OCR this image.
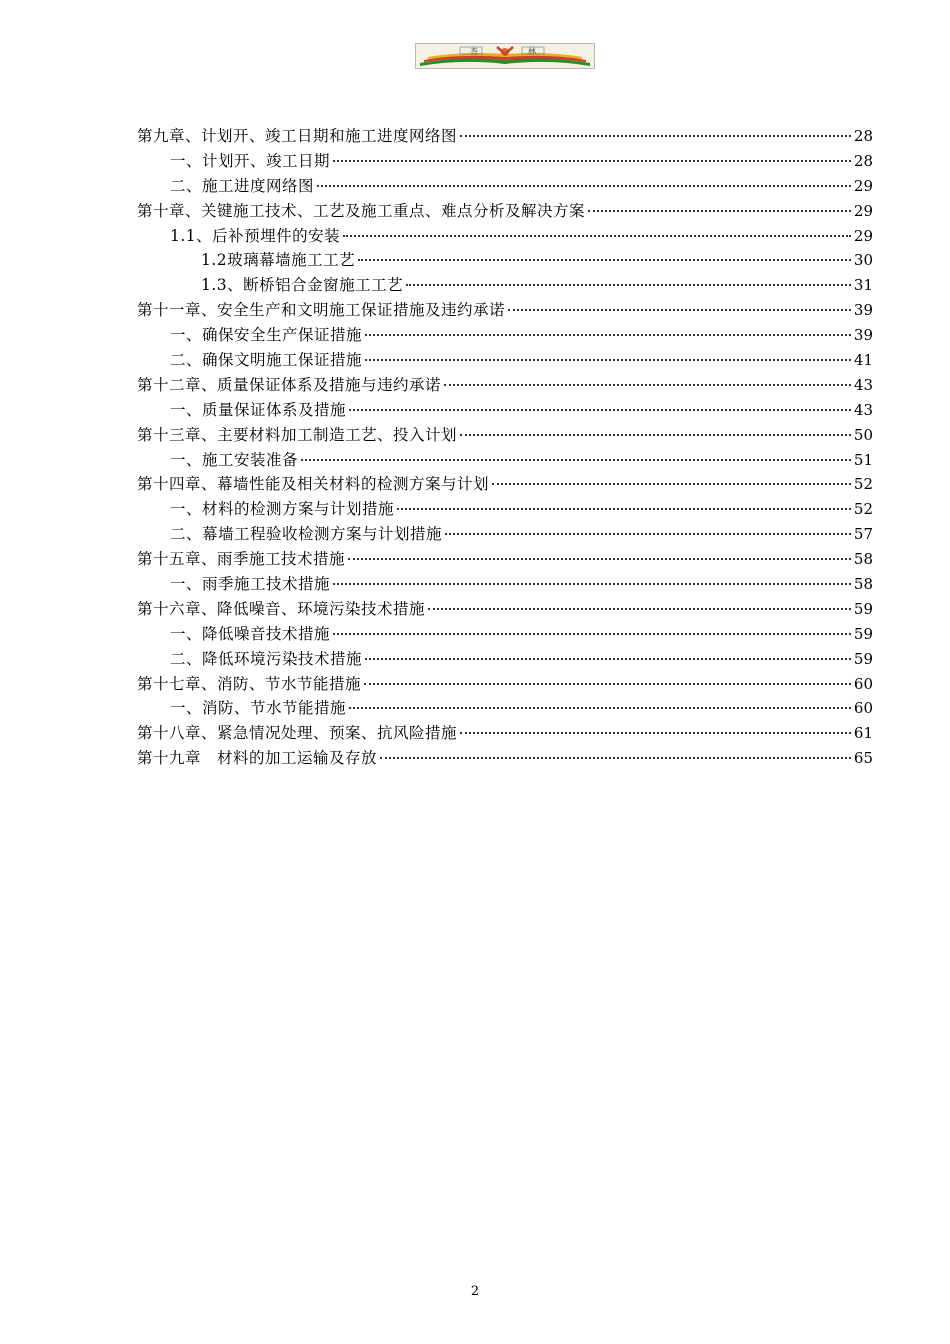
杏	林
第九章、计划开、竣工日期和施工进度网络图	28
一、计划开、竣工日期	28
二、施工进度网络图	29
第十章、关键施工技术、工艺及施工重点、难点分析及解决方案	29
1.1、后补预埋件的安装	29
1.2玻璃幕墙施工工艺	30
1.3、断桥铝合金窗施工工艺	31
第十一章、安全生产和文明施工保证措施及违约承诺	39
一、确保安全生产保证措施	39
二、确保文明施工保证措施	41
第十二章、质量保证体系及措施与违约承诺	43
一、质量保证体系及措施	43
第十三章、主要材料加工制造工艺、投入计划	50
一、施工安装准备	51
第十四章、幕墙性能及相关材料的检测方案与计划	52
一、材料的检测方案与计划措施	52
二、幕墙工程验收检测方案与计划措施	57
第十五章、雨季施工技术措施	58
一、雨季施工技术措施	58
第十六章、降低噪音、环境污染技术措施	59
一、降低噪音技术措施	59
二、降低环境污染技术措施	59
第十七章、消防、节水节能措施	60
一、消防、节水节能措施	60
第十八章、紧急情况处理、预案、抗风险措施	61
第十九章　材料的加工运输及存放	65
2
